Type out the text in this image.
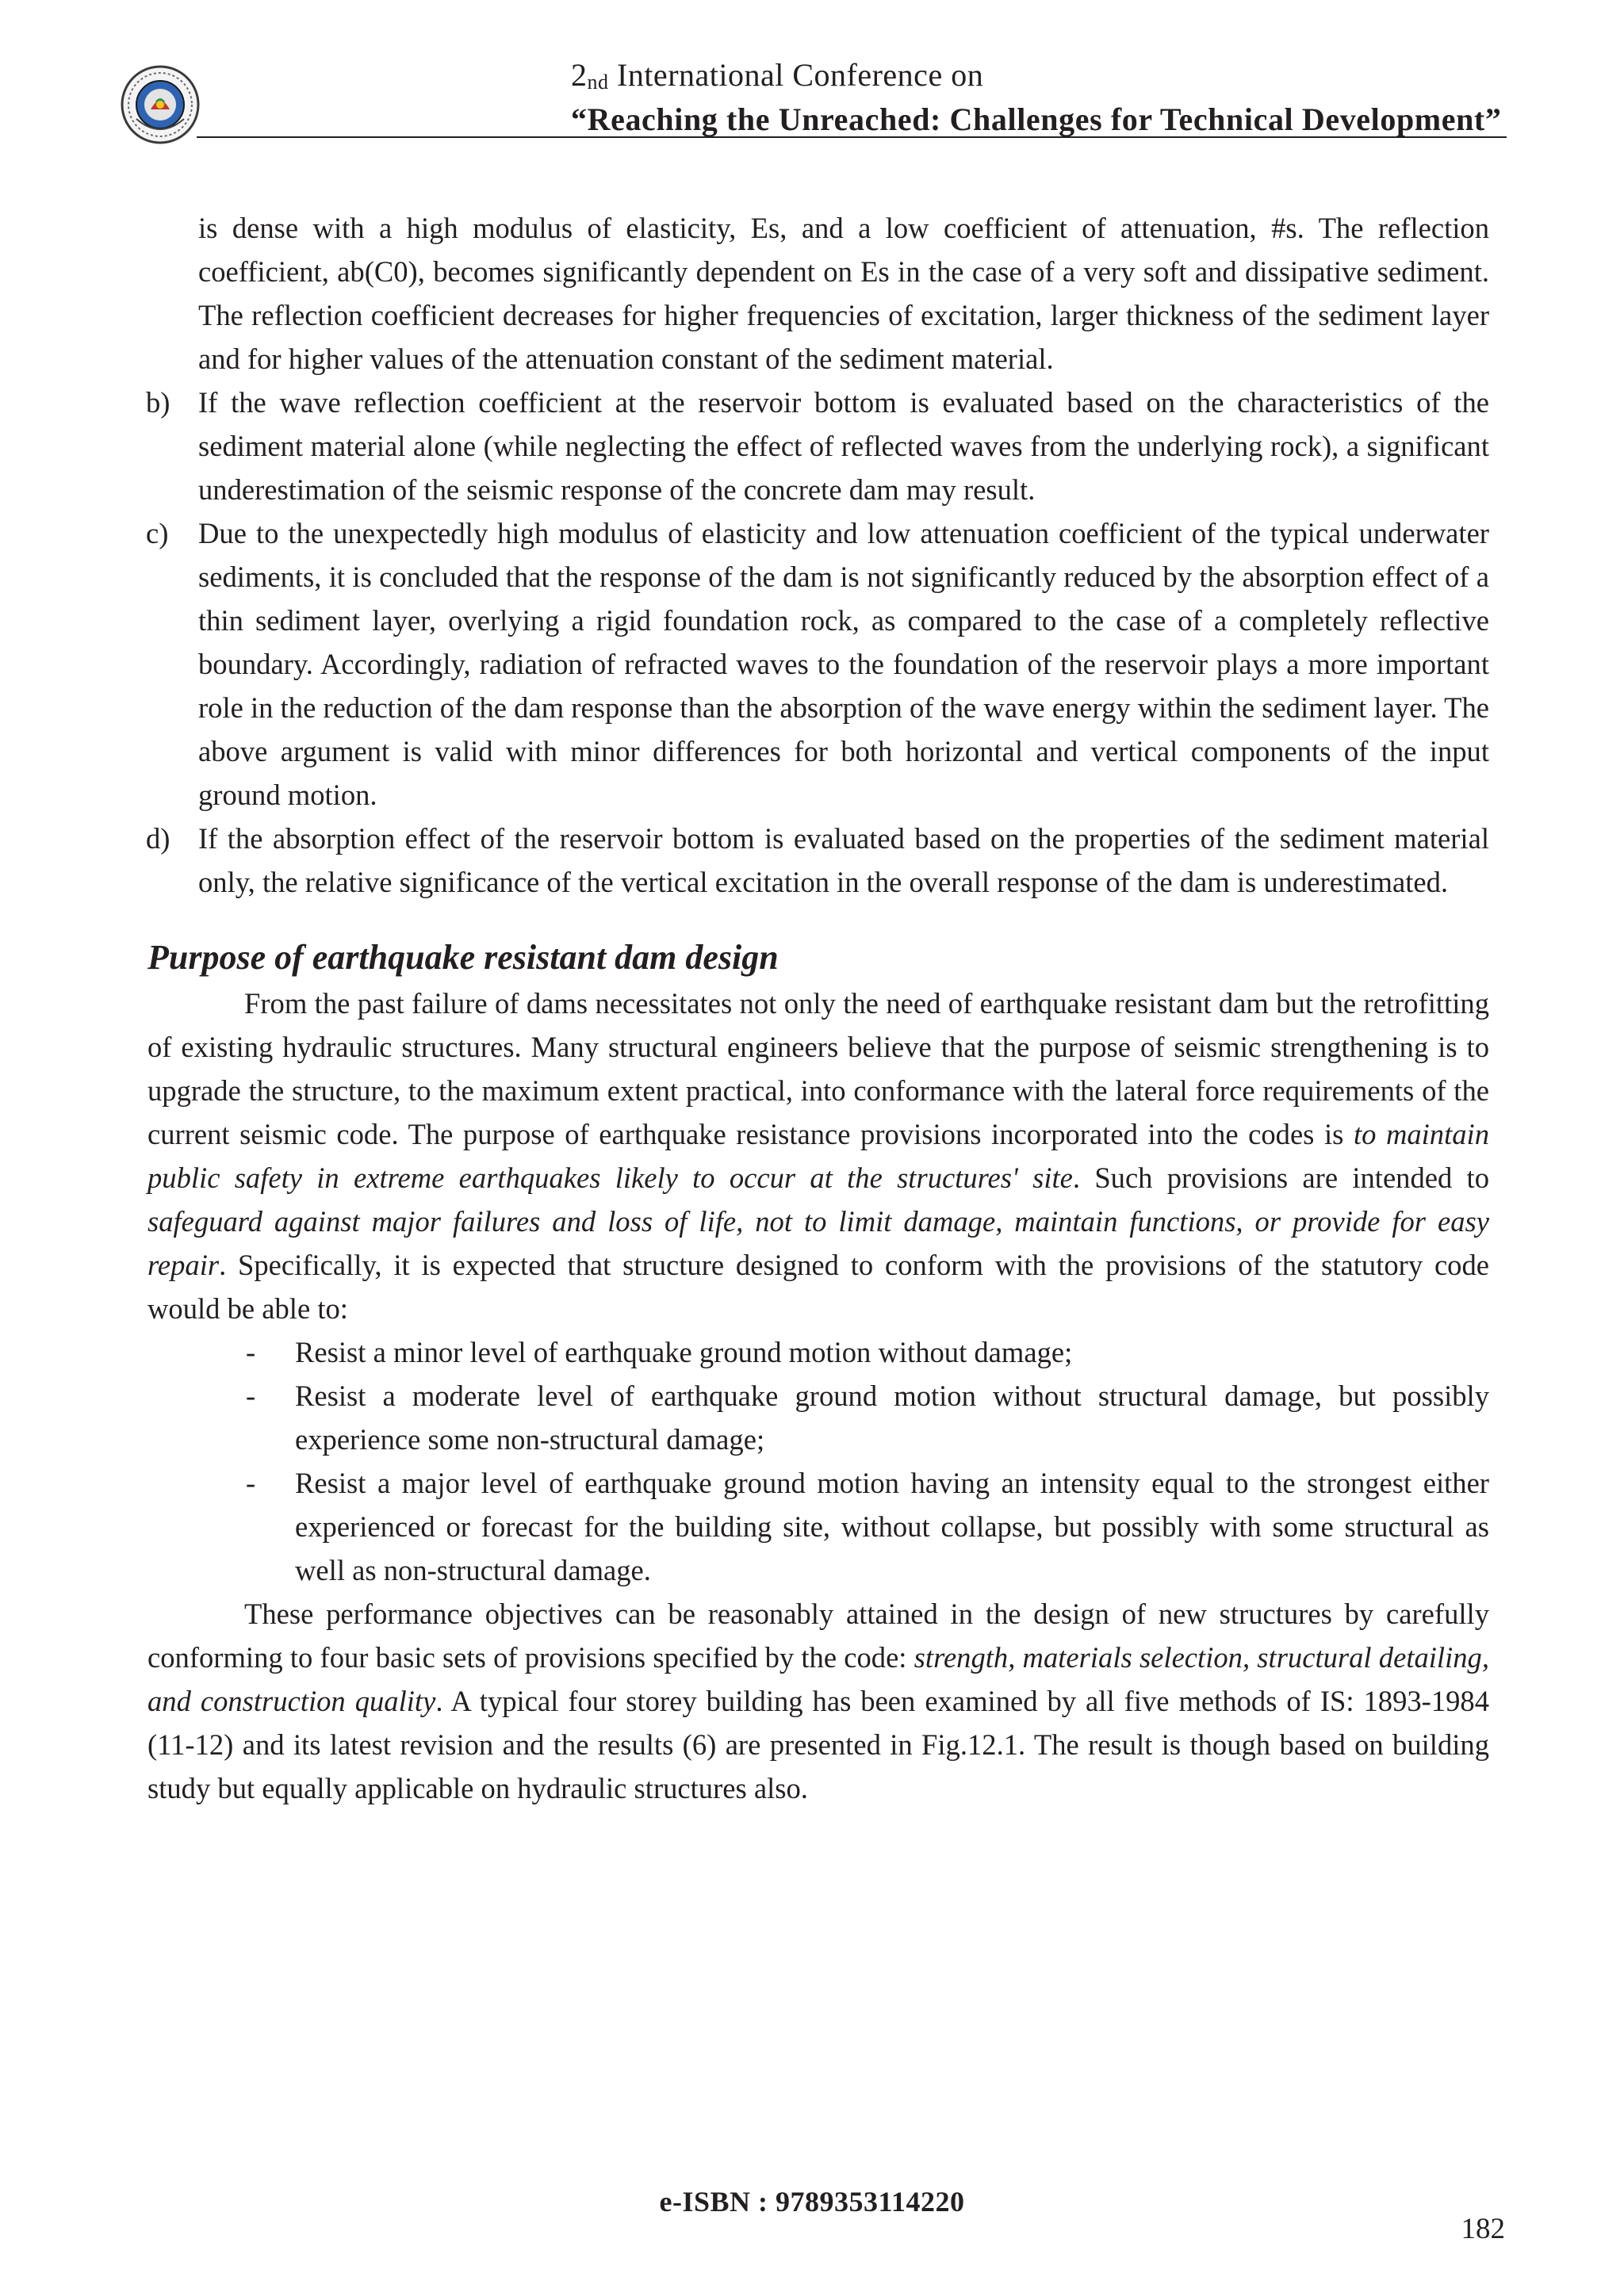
2nd International Conference on
“Reaching the Unreached: Challenges for Technical Development”
is dense with a high modulus of elasticity, Es, and a low coefficient of attenuation, #s. The reflection coefficient, ab(C0), becomes significantly dependent on Es in the case of a very soft and dissipative sediment. The reflection coefficient decreases for higher frequencies of excitation, larger thickness of the sediment layer and for higher values of the attenuation constant of the sediment material.
b) If the wave reflection coefficient at the reservoir bottom is evaluated based on the characteristics of the sediment material alone (while neglecting the effect of reflected waves from the underlying rock), a significant underestimation of the seismic response of the concrete dam may result.
c) Due to the unexpectedly high modulus of elasticity and low attenuation coefficient of the typical underwater sediments, it is concluded that the response of the dam is not significantly reduced by the absorption effect of a thin sediment layer, overlying a rigid foundation rock, as compared to the case of a completely reflective boundary. Accordingly, radiation of refracted waves to the foundation of the reservoir plays a more important role in the reduction of the dam response than the absorption of the wave energy within the sediment layer. The above argument is valid with minor differences for both horizontal and vertical components of the input ground motion.
d) If the absorption effect of the reservoir bottom is evaluated based on the properties of the sediment material only, the relative significance of the vertical excitation in the overall response of the dam is underestimated.
Purpose of earthquake resistant dam design

From the past failure of dams necessitates not only the need of earthquake resistant dam but the retrofitting of existing hydraulic structures. Many structural engineers believe that the purpose of seismic strengthening is to upgrade the structure, to the maximum extent practical, into conformance with the lateral force requirements of the current seismic code. The purpose of earthquake resistance provisions incorporated into the codes is to maintain public safety in extreme earthquakes likely to occur at the structures' site. Such provisions are intended to safeguard against major failures and loss of life, not to limit damage, maintain functions, or provide for easy repair. Specifically, it is expected that structure designed to conform with the provisions of the statutory code would be able to:

- Resist a minor level of earthquake ground motion without damage;
- Resist a moderate level of earthquake ground motion without structural damage, but possibly experience some non-structural damage;
- Resist a major level of earthquake ground motion having an intensity equal to the strongest either experienced or forecast for the building site, without collapse, but possibly with some structural as well as non-structural damage.

These performance objectives can be reasonably attained in the design of new structures by carefully conforming to four basic sets of provisions specified by the code: strength, materials selection, structural detailing, and construction quality. A typical four storey building has been examined by all five methods of IS: 1893-1984 (11-12) and its latest revision and the results (6) are presented in Fig.12.1. The result is though based on building study but equally applicable on hydraulic structures also.

e-ISBN : 9789353114220
182
